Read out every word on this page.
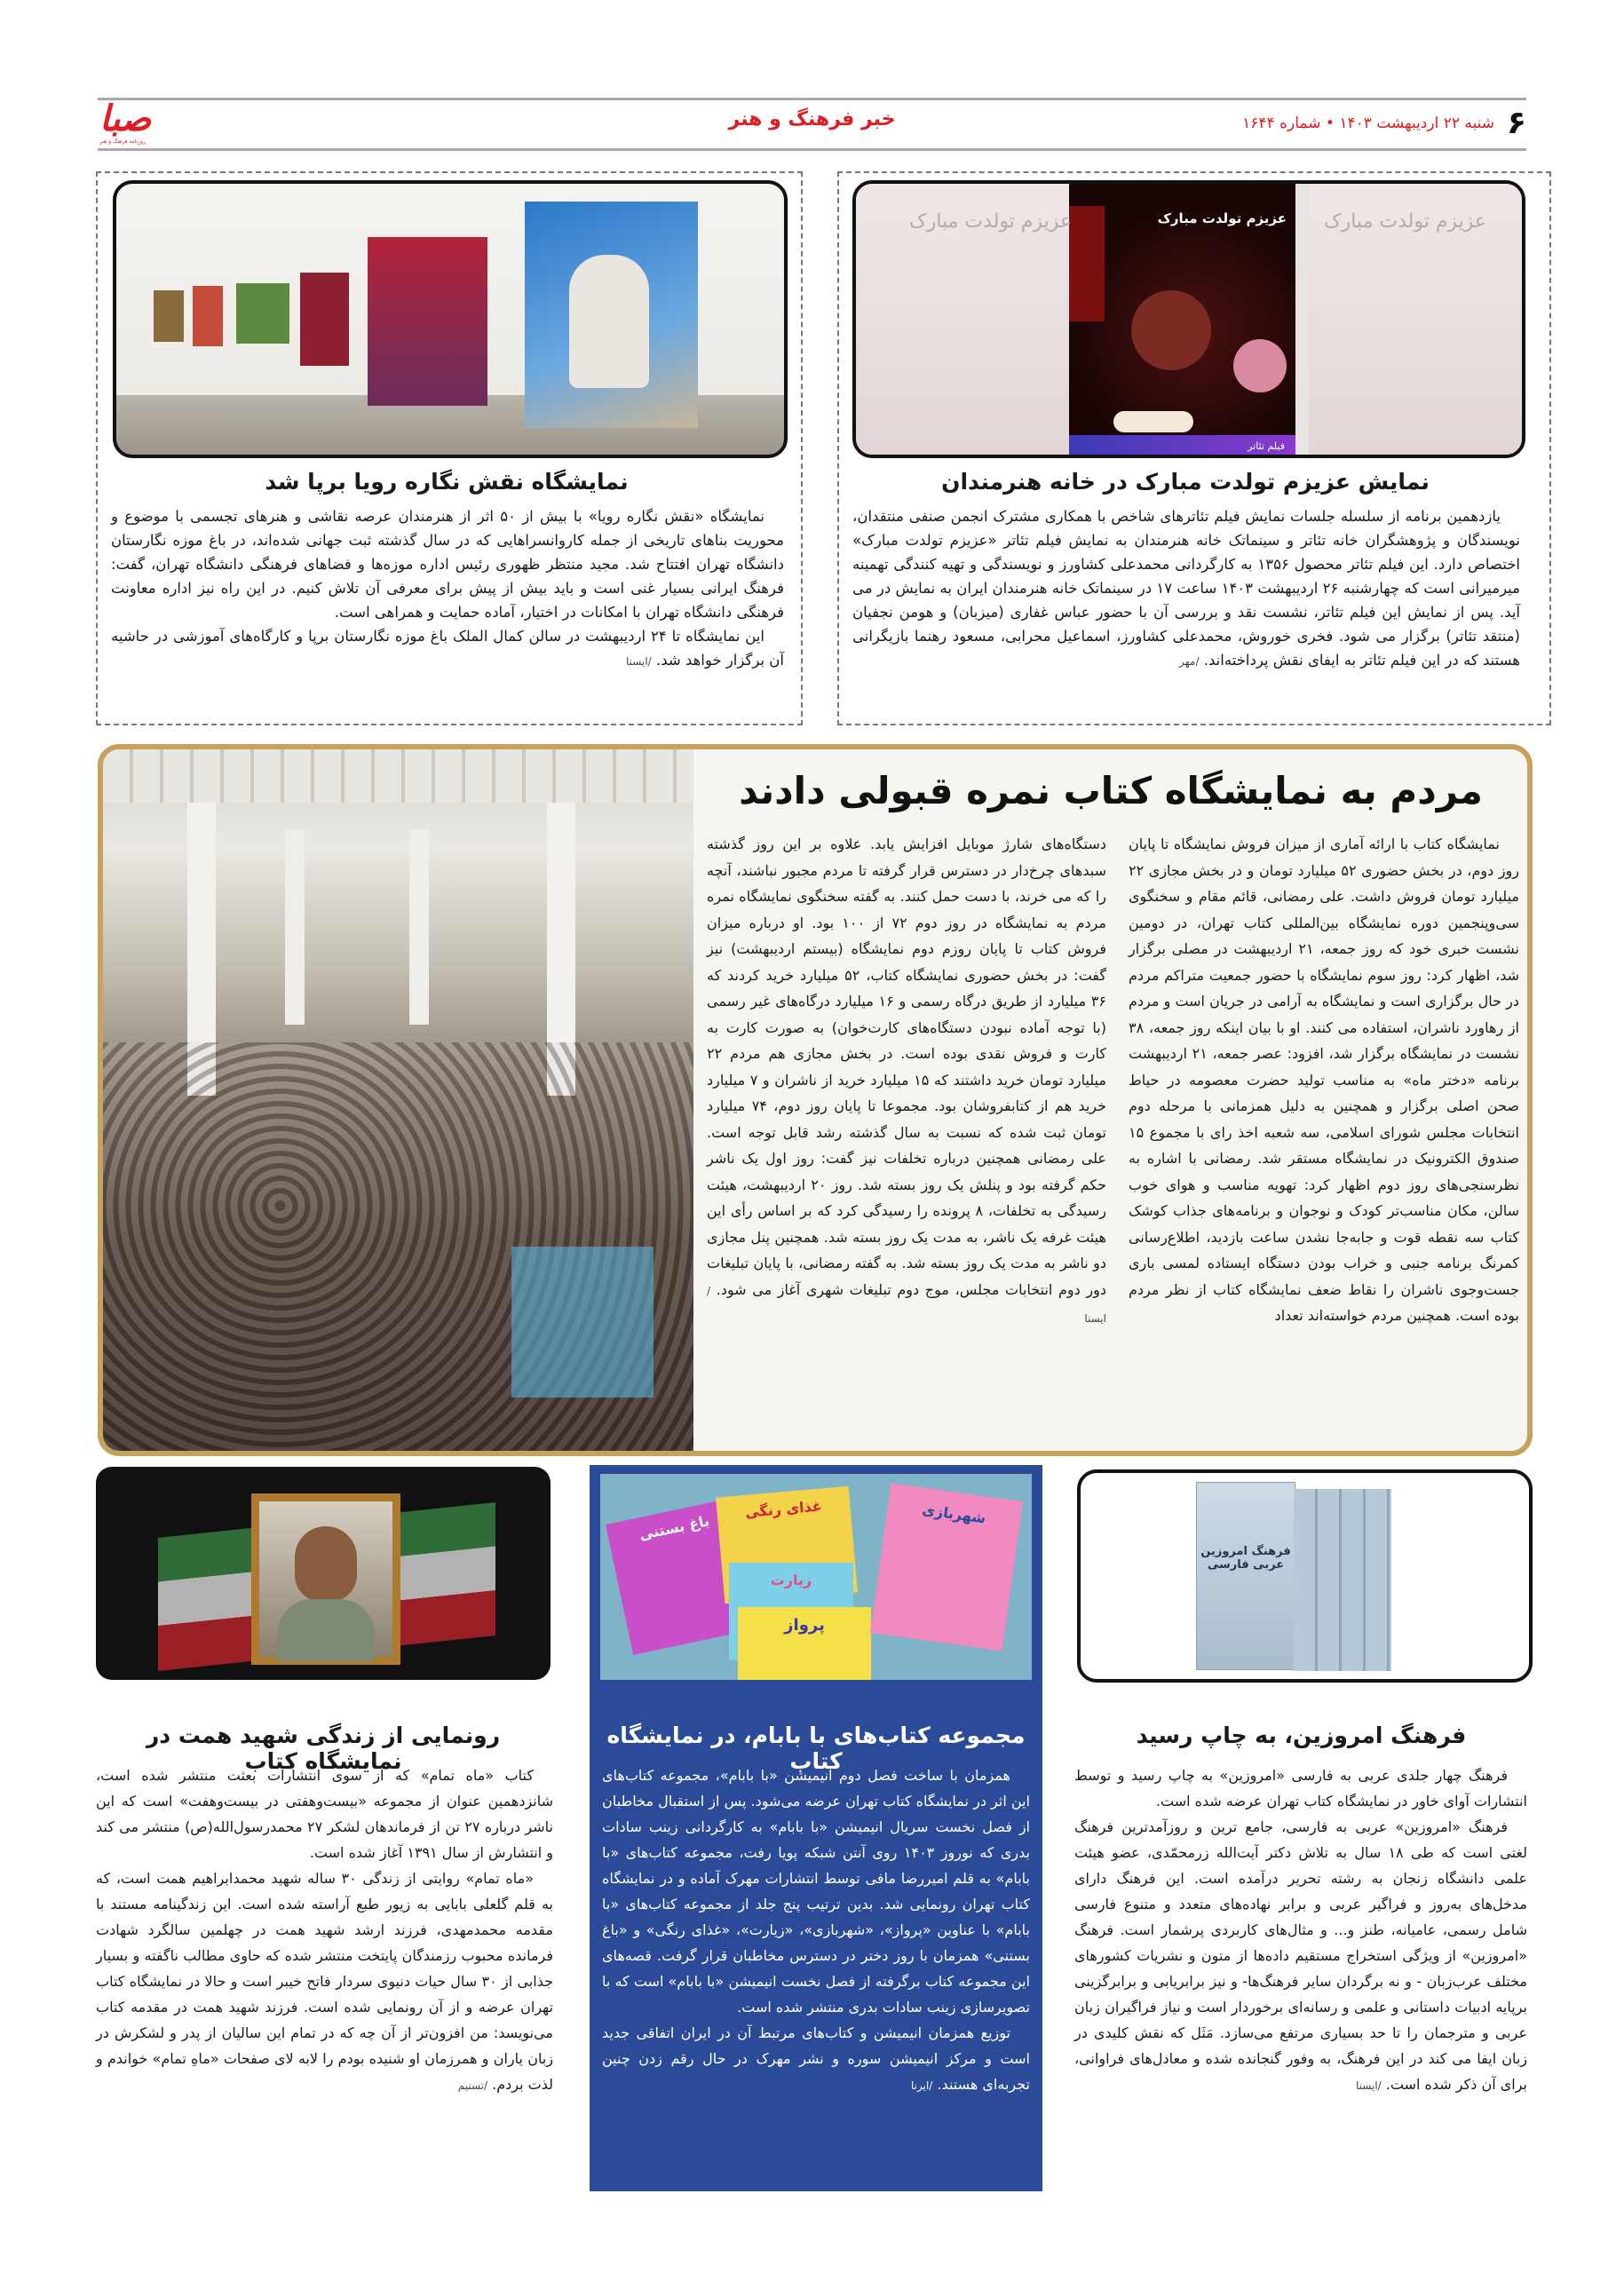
۶
شنبه ۲۲ اردیبهشت ۱۴۰۳ • شماره ۱۶۴۴
خبر فرهنگ و هنر
صبا
روزنامه فرهنگ و هنر
عزیزم تولدت مبارک
فیلم تئاتر
عزیزم تولدت مبارک	عزیزم تولدت مبارک
نمایش عزیزم تولدت مبارک در خانه هنرمندان

یازدهمین برنامه از سلسله جلسات نمایش فیلم تئاترهای شاخص با همکاری مشترک انجمن صنفی منتقدان، نویسندگان و پژوهشگران خانه تئاتر و سینماتک خانه هنرمندان به نمایش فیلم تئاتر «عزیزم تولدت مبارک» اختصاص دارد. این فیلم تئاتر محصول ۱۳۵۶ به کارگردانی محمدعلی کشاورز و نویسندگی و تهیه کنندگی تهمینه میرمیرانی است که چهارشنبه ۲۶ اردیبهشت ۱۴۰۳ ساعت ۱۷ در سینماتک خانه هنرمندان ایران به نمایش در می آید. پس از نمایش این فیلم تئاتر، نشست نقد و بررسی آن با حضور عباس غفاری (میزبان) و هومن نجفیان (منتقد تئاتر) برگزار می شود. فخری خوروش، محمدعلی کشاورز، اسماعیل محرابی، مسعود رهنما بازیگرانی هستند که در این فیلم تئاتر به ایفای نقش پرداخته‌اند. /مهر

نمایشگاه نقش نگاره رویا برپا شد

نمایشگاه «نقش نگاره رویا» با بیش از ۵۰ اثر از هنرمندان عرصه نقاشی و هنرهای تجسمی با موضوع و محوریت بناهای تاریخی از جمله کاروانسراهایی که در سال گذشته ثبت جهانی شده‌اند، در باغ موزه نگارستان دانشگاه تهران افتتاح شد. مجید منتظر ظهوری رئیس اداره موزه‌ها و فضاهای فرهنگی دانشگاه تهران، گفت: فرهنگ ایرانی بسیار غنی است و باید بیش از پیش برای معرفی آن تلاش کنیم. در این راه نیز اداره معاونت فرهنگی دانشگاه تهران با امکانات در اختیار، آماده حمایت و همراهی است.

این نمایشگاه تا ۲۴ اردیبهشت در سالن کمال الملک باغ موزه نگارستان برپا و کارگاه‌های آموزشی در حاشیه آن برگزار خواهد شد. /ایسنا

مردم به نمایشگاه کتاب نمره قبولی دادند

نمایشگاه کتاب با ارائه آماری از میزان فروش نمایشگاه تا پایان روز دوم، در بخش حضوری ۵۲ میلیارد تومان و در بخش مجازی ۲۲ میلیارد تومان فروش داشت. علی رمضانی، قائم مقام و سخنگوی سی‌وپنجمین دوره نمایشگاه بین‌المللی کتاب تهران، در دومین نشست خبری خود که روز جمعه، ۲۱ اردیبهشت در مصلی برگزار شد، اظهار کرد: روز سوم نمایشگاه با حضور جمعیت متراکم مردم در حال برگزاری است و نمایشگاه به آرامی در جریان است و مردم از رهاورد ناشران، استفاده می کنند. او با بیان اینکه روز جمعه، ۳۸ نشست در نمایشگاه برگزار شد، افزود: عصر جمعه، ۲۱ اردیبهشت برنامه «دختر ماه» به مناسب تولید حضرت معصومه در حیاط صحن اصلی برگزار و همچنین به دلیل همزمانی با مرحله دوم انتخابات مجلس شورای اسلامی، سه شعبه اخذ رای با مجموع ۱۵ صندوق الکترونیک در نمایشگاه مستقر شد. رمضانی با اشاره به نظرسنجی‌های روز دوم اظهار کرد: تهویه مناسب و هوای خوب سالن، مکان مناسب‌تر کودک و نوجوان و برنامه‌های جذاب کوشک کتاب سه نقطه قوت و جابه‌جا نشدن ساعت بازدید، اطلاع‌رسانی کمرنگ برنامه جنبی و خراب بودن دستگاه ایستاده لمسی باری جست‌وجوی ناشران را نقاط ضعف نمایشگاه کتاب از نظر مردم بوده است. همچنین مردم خواسته‌اند تعداد

دستگاه‌های شارژ موبایل افزایش یابد. علاوه بر این روز گذشته سبدهای چرخ‌دار در دسترس قرار گرفته تا مردم مجبور نباشند، آنچه را که می خرند، با دست حمل کنند. به گفته سخنگوی نمایشگاه نمره مردم به نمایشگاه در روز دوم ۷۲ از ۱۰۰ بود. او درباره میزان فروش کتاب تا پایان روزم دوم نمایشگاه (بیستم اردیبهشت) نیز گفت: در بخش حضوری نمایشگاه کتاب، ۵۲ میلیارد خرید کردند که ۳۶ میلیارد از طریق درگاه رسمی و ۱۶ میلیارد درگاه‌های غیر رسمی (با توجه آماده نبودن دستگاه‌های کارت‌خوان) به صورت کارت به کارت و فروش نقدی بوده است. در بخش مجازی هم مردم ۲۲ میلیارد تومان خرید داشتند که ۱۵ میلیارد خرید از ناشران و ۷ میلیارد خرید هم از کتابفروشان بود. مجموعا تا پایان روز دوم، ۷۴ میلیارد تومان ثبت شده که نسبت به سال گذشته رشد قابل توجه است. علی رمضانی همچنین درباره تخلفات نیز گفت: روز اول یک ناشر حکم گرفته بود و پنلش یک روز بسته شد. روز ۲۰ اردیبهشت، هیئت رسیدگی به تخلفات، ۸ پرونده را رسیدگی کرد که بر اساس رأی این هیئت غرفه یک ناشر، به مدت یک روز بسته شد. همچنین پنل مجازی دو ناشر به مدت یک روز بسته شد. به گفته رمضانی، با پایان تبلیغات دور دوم انتخابات مجلس، موج دوم تبلیغات شهری آغاز می شود. /ایسنا

فرهنگ امروزین عربی فارسی
فرهنگ امروزین، به چاپ رسید

فرهنگ چهار جلدی عربی به فارسی «امروزین» به چاپ رسید و توسط انتشارات آوای خاور در نمایشگاه کتاب تهران عرضه شده است.

فرهنگ «امروزین» عربی به فارسی، جامع ترین و روزآمدترین فرهنگ لغتی است که طی ۱۸ سال به تلاش دکتر آیت‌الله زرمحمّدی، عضو هیئت علمی دانشگاه زنجان به رشته تحریر درآمده است. این فرهنگ دارای مدخل‌های به‌روز و فراگیر عربی و برابر نهاده‌های متعدد و متنوع فارسی شامل رسمی، عامیانه، طنز و... و مثال‌های کاربردی پرشمار است. فرهنگ «امروزین» از ویژگی استخراج مستقیم داده‌ها از متون و نشریات کشورهای مختلف عرب‌زبان - و نه برگردان سایر فرهنگ‌ها- و نیز برابریابی و برابرگزینی برپایه ادبیات داستانی و علمی و رسانه‌ای برخوردار است و نیاز فراگیران زبان عربی و مترجمان را تا حد بسیاری مرتفع می‌سازد. مَثَل که نقش کلیدی در زبان ایفا می کند در این فرهنگ، به وفور گنجانده شده و معادل‌های فراوانی، برای آن ذکر شده است. /ایسنا

باغ بستنی
غذای رنگی
زیارت
پرواز
شهربازی
مجموعه کتاب‌های با بابام، در نمایشگاه کتاب

همزمان با ساخت فصل دوم انیمیشن «با بابام»، مجموعه کتاب‌های این اثر در نمایشگاه کتاب تهران عرضه می‌شود. پس از استقبال مخاطبان از فصل نخست سریال انیمیشن «با بابام» به کارگردانی زینب سادات بدری که نوروز ۱۴۰۳ روی آنتن شبکه پویا رفت، مجموعه کتاب‌های «با بابام» به قلم امیررضا مافی توسط انتشارات مهرک آماده و در نمایشگاه کتاب تهران رونمایی شد. بدین ترتیب پنج جلد از مجموعه کتاب‌های «با بابام» با عناوین «پرواز»، «شهربازی»، «زیارت»، «غذای رنگی» و «باغ بستنی» همزمان با روز دختر در دسترس مخاطبان قرار گرفت. قصه‌های این مجموعه کتاب برگرفته از فصل نخست انیمیشن «با بابام» است که با تصویرسازی زینب سادات بدری منتشر شده است.

توزیع همزمان انیمیشن و کتاب‌های مرتبط آن در ایران اتفاقی جدید است و مرکز انیمیشن سوره و نشر مهرک در حال رقم زدن چنین تجربه‌ای هستند. /ایرنا

رونمایی از زندگی شهید همت در نمایشگاه کتاب

کتاب «ماه تمام» که از سوی انتشارات بعثت منتشر شده است، شانزدهمین عنوان از مجموعه «بیست‌وهفتی در بیست‌وهفت» است که این ناشر درباره ۲۷ تن از فرماندهان لشکر ۲۷ محمدرسول‌الله(ص) منتشر می کند و انتشارش از سال ۱۳۹۱ آغاز شده است.

«ماه تمام» روایتی از زندگی ۳۰ ساله شهید محمدابراهیم همت است، که به قلم گلعلی بابایی به زیور طبع آراسته شده است. این زندگینامه مستند با مقدمه محمدمهدی، فرزند ارشد شهید همت در چهلمین سالگرد شهادت فرمانده محبوب رزمندگان پایتخت منتشر شده که حاوی مطالب ناگفته و بسیار جذابی از ۳۰ سال حیات دنیوی سردار فاتح خیبر است و حالا در نمایشگاه کتاب تهران عرضه و از آن رونمایی شده است. فرزند شهید همت در مقدمه کتاب می‌نویسد: من افزون‌تر از آن چه که در تمام این سالیان از پدر و لشکرش در زبان یاران و همرزمان او شنیده بودم را لابه لای صفحات «ماهِ تمام» خواندم و لذت بردم. /تسنیم
